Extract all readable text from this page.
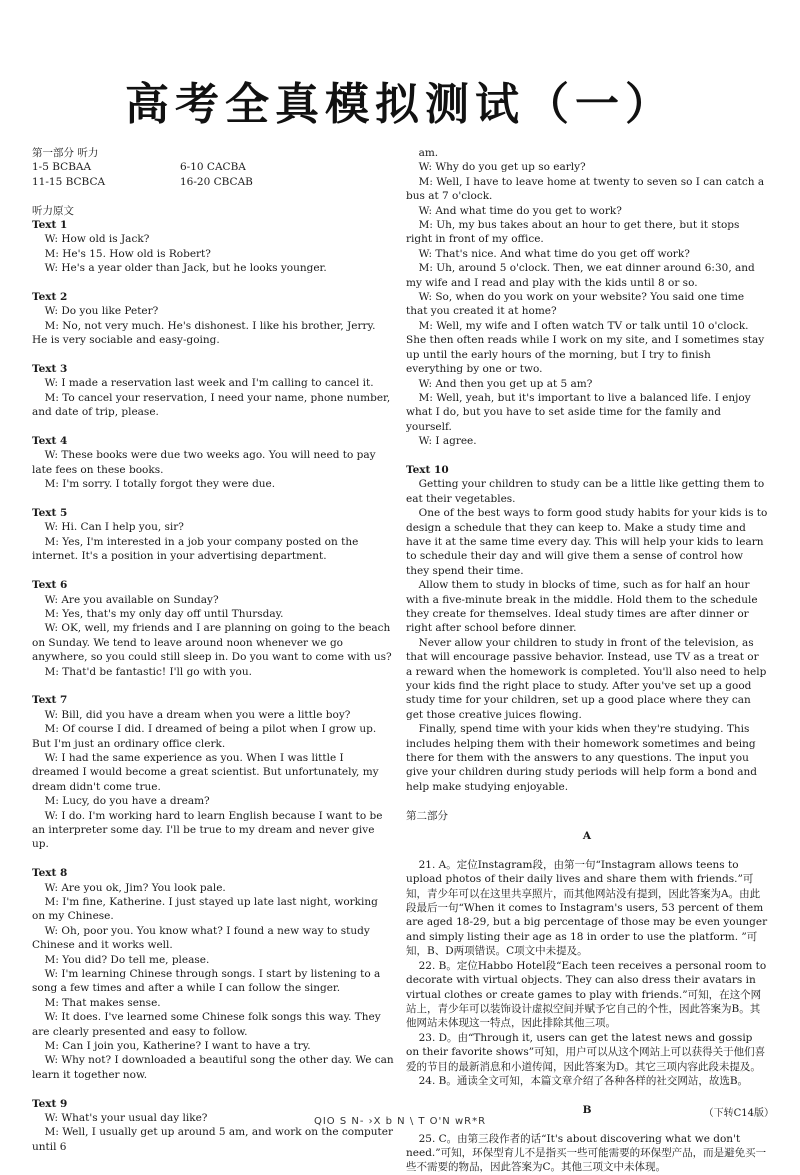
高考全真模拟测试（一）

第一部分 听力

1-5 BCBAA	6-10 CACBA
11-15 BCBCA	16-20 CBCAB

听力原文

Text 1

W: How old is Jack?

M: He's 15. How old is Robert?

W: He's a year older than Jack, but he looks younger.

Text 2

W: Do you like Peter?

M: No, not very much. He's dishonest. I like his brother, Jerry. He is very sociable and easy-going.

Text 3

W: I made a reservation last week and I'm calling to cancel it.

M: To cancel your reservation, I need your name, phone number, and date of trip, please.

Text 4

W: These books were due two weeks ago. You will need to pay late fees on these books.

M: I'm sorry. I totally forgot they were due.

Text 5

W: Hi. Can I help you, sir?

M: Yes, I'm interested in a job your company posted on the internet. It's a position in your advertising department.

Text 6

W: Are you available on Sunday?

M: Yes, that's my only day off until Thursday.

W: OK, well, my friends and I are planning on going to the beach on Sunday. We tend to leave around noon whenever we go anywhere, so you could still sleep in. Do you want to come with us?

M: That'd be fantastic! I'll go with you.

Text 7

W: Bill, did you have a dream when you were a little boy?

M: Of course I did. I dreamed of being a pilot when I grow up. But I'm just an ordinary office clerk.

W: I had the same experience as you. When I was little I dreamed I would become a great scientist. But unfortunately, my dream didn't come true.

M: Lucy, do you have a dream?

W: I do. I'm working hard to learn English because I want to be an interpreter some day. I'll be true to my dream and never give up.

Text 8

W: Are you ok, Jim? You look pale.

M: I'm fine, Katherine. I just stayed up late last night, working on my Chinese.

W: Oh, poor you. You know what? I found a new way to study Chinese and it works well.

M: You did? Do tell me, please.

W: I'm learning Chinese through songs. I start by listening to a song a few times and after a while I can follow the singer.

M: That makes sense.

W: It does. I've learned some Chinese folk songs this way. They are clearly presented and easy to follow.

M: Can I join you, Katherine? I want to have a try.

W: Why not? I downloaded a beautiful song the other day. We can learn it together now.

Text 9

W: What's your usual day like?

M: Well, I usually get up around 5 am, and work on the computer until 6

am.

W: Why do you get up so early?

M: Well, I have to leave home at twenty to seven so I can catch a bus at 7 o'clock.

W: And what time do you get to work?

M: Uh, my bus takes about an hour to get there, but it stops right in front of my office.

W: That's nice. And what time do you get off work?

M: Uh, around 5 o'clock. Then, we eat dinner around 6:30, and my wife and I read and play with the kids until 8 or so.

W: So, when do you work on your website? You said one time that you created it at home?

M: Well, my wife and I often watch TV or talk until 10 o'clock. She then often reads while I work on my site, and I sometimes stay up until the early hours of the morning, but I try to finish everything by one or two.

W: And then you get up at 5 am?

M: Well, yeah, but it's important to live a balanced life. I enjoy what I do, but you have to set aside time for the family and yourself.

W: I agree.

Text 10

Getting your children to study can be a little like getting them to eat their vegetables.

One of the best ways to form good study habits for your kids is to design a schedule that they can keep to. Make a study time and have it at the same time every day. This will help your kids to learn to schedule their day and will give them a sense of control how they spend their time.

Allow them to study in blocks of time, such as for half an hour with a five-minute break in the middle. Hold them to the schedule they create for themselves. Ideal study times are after dinner or right after school before dinner.

Never allow your children to study in front of the television, as that will encourage passive behavior. Instead, use TV as a treat or a reward when the homework is completed. You'll also need to help your kids find the right place to study. After you've set up a good study time for your children, set up a good place where they can get those creative juices flowing.

Finally, spend time with your kids when they're studying. This includes helping them with their homework sometimes and being there for them with the answers to any questions. The input you give your children during study periods will help form a bond and help make studying enjoyable.

第二部分

A

21. A。定位Instagram段，由第一句“Instagram allows teens to upload photos of their daily lives and share them with friends.”可知，青少年可以在这里共享照片，而其他网站没有提到，因此答案为A。由此段最后一句“When it comes to Instagram's users, 53 percent of them are aged 18-29, but a big percentage of those may be even younger and simply listing their age as 18 in order to use the platform. ”可知，B、D两项错误。C项文中未提及。

22. B。定位Habbo Hotel段“Each teen receives a personal room to decorate with virtual objects. They can also dress their avatars in virtual clothes or create games to play with friends.”可知，在这个网站上，青少年可以装饰设计虚拟空间并赋予它自己的个性，因此答案为B。其他网站未体现这一特点，因此排除其他三项。

23. D。由“Through it, users can get the latest news and gossip on their favorite shows”可知，用户可以从这个网站上可以获得关于他们喜爱的节目的最新消息和小道传闻，因此答案为D。其它三项内容此段未提及。

24. B。通读全文可知，本篇文章介绍了各种各样的社交网站，故选B。

B

25. C。由第三段作者的话“It's about discovering what we don't need.”可知，环保型育儿不是指买一些可能需要的环保型产品，而是避免买一些不需要的物品，因此答案为C。其他三项文中未体现。

（下转C14版）
QIO S N- ›X b N \ T O'N wR*R
